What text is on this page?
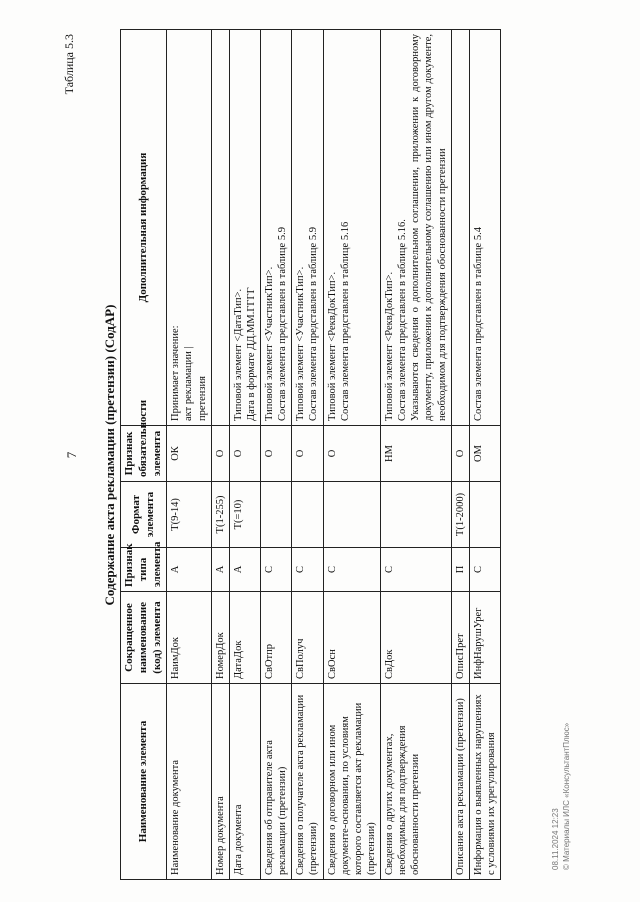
7
Таблица 5.3
Содержание акта рекламации (претензии) (СодАР)
Наименование элемента	Сокращенное наименование (код) элемента	Признак типа элемента	Формат элемента	Признак обязательности элемента	Дополнительная информация
Наименование документа	НаимДок	А	Т(9-14)	ОК	Принимает значение: акт рекламации | претензия

Номер документа	НомерДок	А	Т(1-255)	О	
Дата документа	ДатаДок	А	Т(=10)	О	Типовой элемент <ДатаТип>. Дата в формате ДД.ММ.ГГГГ

Сведения об отправителе акта рекламации (претензии)	СвОтпр	С		О	Типовой элемент <УчастникТип>. Состав элемента представлен в таблице 5.9

Сведения о получателе акта рекламации (претензии)	СвПолуч	С		О	Типовой элемент <УчастникТип>. Состав элемента представлен в таблице 5.9

Сведения о договорном или ином документе-основании, по условиям которого составляется акт рекламации (претензии)	СвОсн	С		О	Типовой элемент <РеквДокТип>. Состав элемента представлен в таблице 5.16

Сведения о других документах, необходимых для подтверждения обоснованности претензии	СвДок	С		НМ	Типовой элемент <РеквДокТип>. Состав элемента представлен в таблице 5.16. Указываются сведения о дополнительном соглашении, приложении к договорному документу, приложении к дополнительному соглашению или ином другом документе, необходимом для подтверждения обоснованности претензии

Описание акта рекламации (претензии)	ОписПрет	П	Т(1-2000)	О	
Информация о выявленных нарушениях с условиями их урегулирования	ИнфНарушУрег	С		ОМ	Состав элемента представлен в таблице 5.4
08.11.2024 12:23 © Материалы ИЛС «КонсультантПлюс»
